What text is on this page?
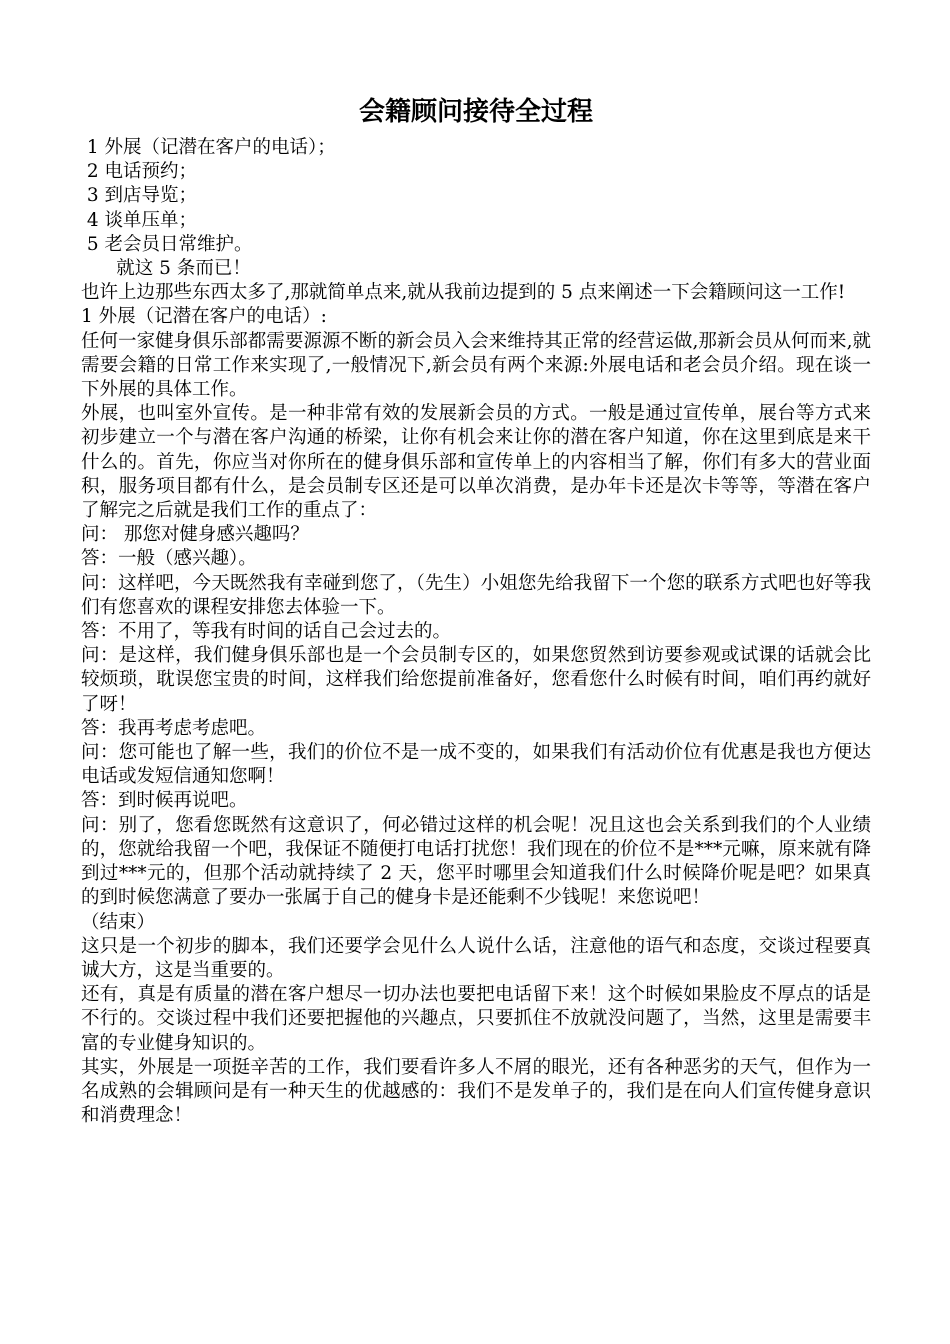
会籍顾问接待全过程

1 外展（记潜在客户的电话）；

2 电话预约；

3 到店导览；

4 谈单压单；

5 老会员日常维护。

就这 5 条而已！

也许上边那些东西太多了,那就简单点来,就从我前边提到的 5 点来阐述一下会籍顾问这一工作!

1 外展（记潜在客户的电话）:

任何一家健身俱乐部都需要源源不断的新会员入会来维持其正常的经营运做,那新会员从何而来,就需要会籍的日常工作来实现了,一般情况下,新会员有两个来源:外展电话和老会员介绍。现在谈一下外展的具体工作。

外展，也叫室外宣传。是一种非常有效的发展新会员的方式。一般是通过宣传单，展台等方式来初步建立一个与潜在客户沟通的桥梁，让你有机会来让你的潜在客户知道，你在这里到底是来干什么的。首先，你应当对你所在的健身俱乐部和宣传单上的内容相当了解，你们有多大的营业面积，服务项目都有什么，是会员制专区还是可以单次消费，是办年卡还是次卡等等，等潜在客户了解完之后就是我们工作的重点了：

问： 那您对健身感兴趣吗？

答：一般（感兴趣）。

问：这样吧，今天既然我有幸碰到您了，（先生）小姐您先给我留下一个您的联系方式吧也好等我们有您喜欢的课程安排您去体验一下。

答：不用了，等我有时间的话自己会过去的。

问：是这样，我们健身俱乐部也是一个会员制专区的，如果您贸然到访要参观或试课的话就会比较烦琐，耽误您宝贵的时间，这样我们给您提前准备好，您看您什么时候有时间，咱们再约就好了呀！

答：我再考虑考虑吧。

问：您可能也了解一些，我们的价位不是一成不变的，如果我们有活动价位有优惠是我也方便达电话或发短信通知您啊！

答：到时候再说吧。

问：别了，您看您既然有这意识了，何必错过这样的机会呢！况且这也会关系到我们的个人业绩的，您就给我留一个吧，我保证不随便打电话打扰您！我们现在的价位不是***元嘛，原来就有降到过***元的，但那个活动就持续了 2 天，您平时哪里会知道我们什么时候降价呢是吧？如果真的到时候您满意了要办一张属于自己的健身卡是还能剩不少钱呢！来您说吧！

（结束）

这只是一个初步的脚本，我们还要学会见什么人说什么话，注意他的语气和态度，交谈过程要真诚大方，这是当重要的。

还有，真是有质量的潜在客户想尽一切办法也要把电话留下来！这个时候如果脸皮不厚点的话是不行的。交谈过程中我们还要把握他的兴趣点，只要抓住不放就没问题了，当然，这里是需要丰富的专业健身知识的。

其实，外展是一项挺辛苦的工作，我们要看许多人不屑的眼光，还有各种恶劣的天气，但作为一名成熟的会辑顾问是有一种天生的优越感的：我们不是发单子的，我们是在向人们宣传健身意识和消费理念！
